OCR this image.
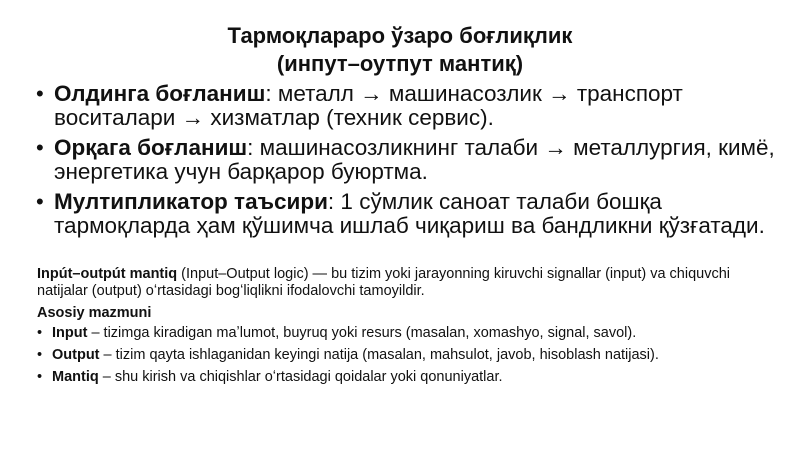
Тармоқлараро ўзаро боғлиқлик
(инпут–оутпут мантиқ)
• Олдинга боғланиш: металл → машинасозлик → транспорт воситалари → хизматлар (техник сервис).
• Орқага боғланиш: машинасозликнинг талаби → металлургия, кимё, энергетика учун барқарор буюртма.
• Мултипликатор таъсири: 1 сўмлик саноат талаби бошқа тармоқларда ҳам қўшимча ишлаб чиқариш ва бандликни қўзғатади.
Inpút–outpút mantiq (Input–Output logic) — bu tizim yoki jarayonning kiruvchi signallar (input) va chiquvchi natijalar (output) oʻrtasidagi bogʻliqlikni ifodalovchi tamoyildir.
Asosiy mazmuni
• Input – tizimga kiradigan maʼlumot, buyruq yoki resurs (masalan, xomashyo, signal, savol).
• Output – tizim qayta ishlaganidan keyingi natija (masalan, mahsulot, javob, hisoblash natijasi).
• Mantiq – shu kirish va chiqishlar oʻrtasidagi qoidalar yoki qonuniyatlar.
